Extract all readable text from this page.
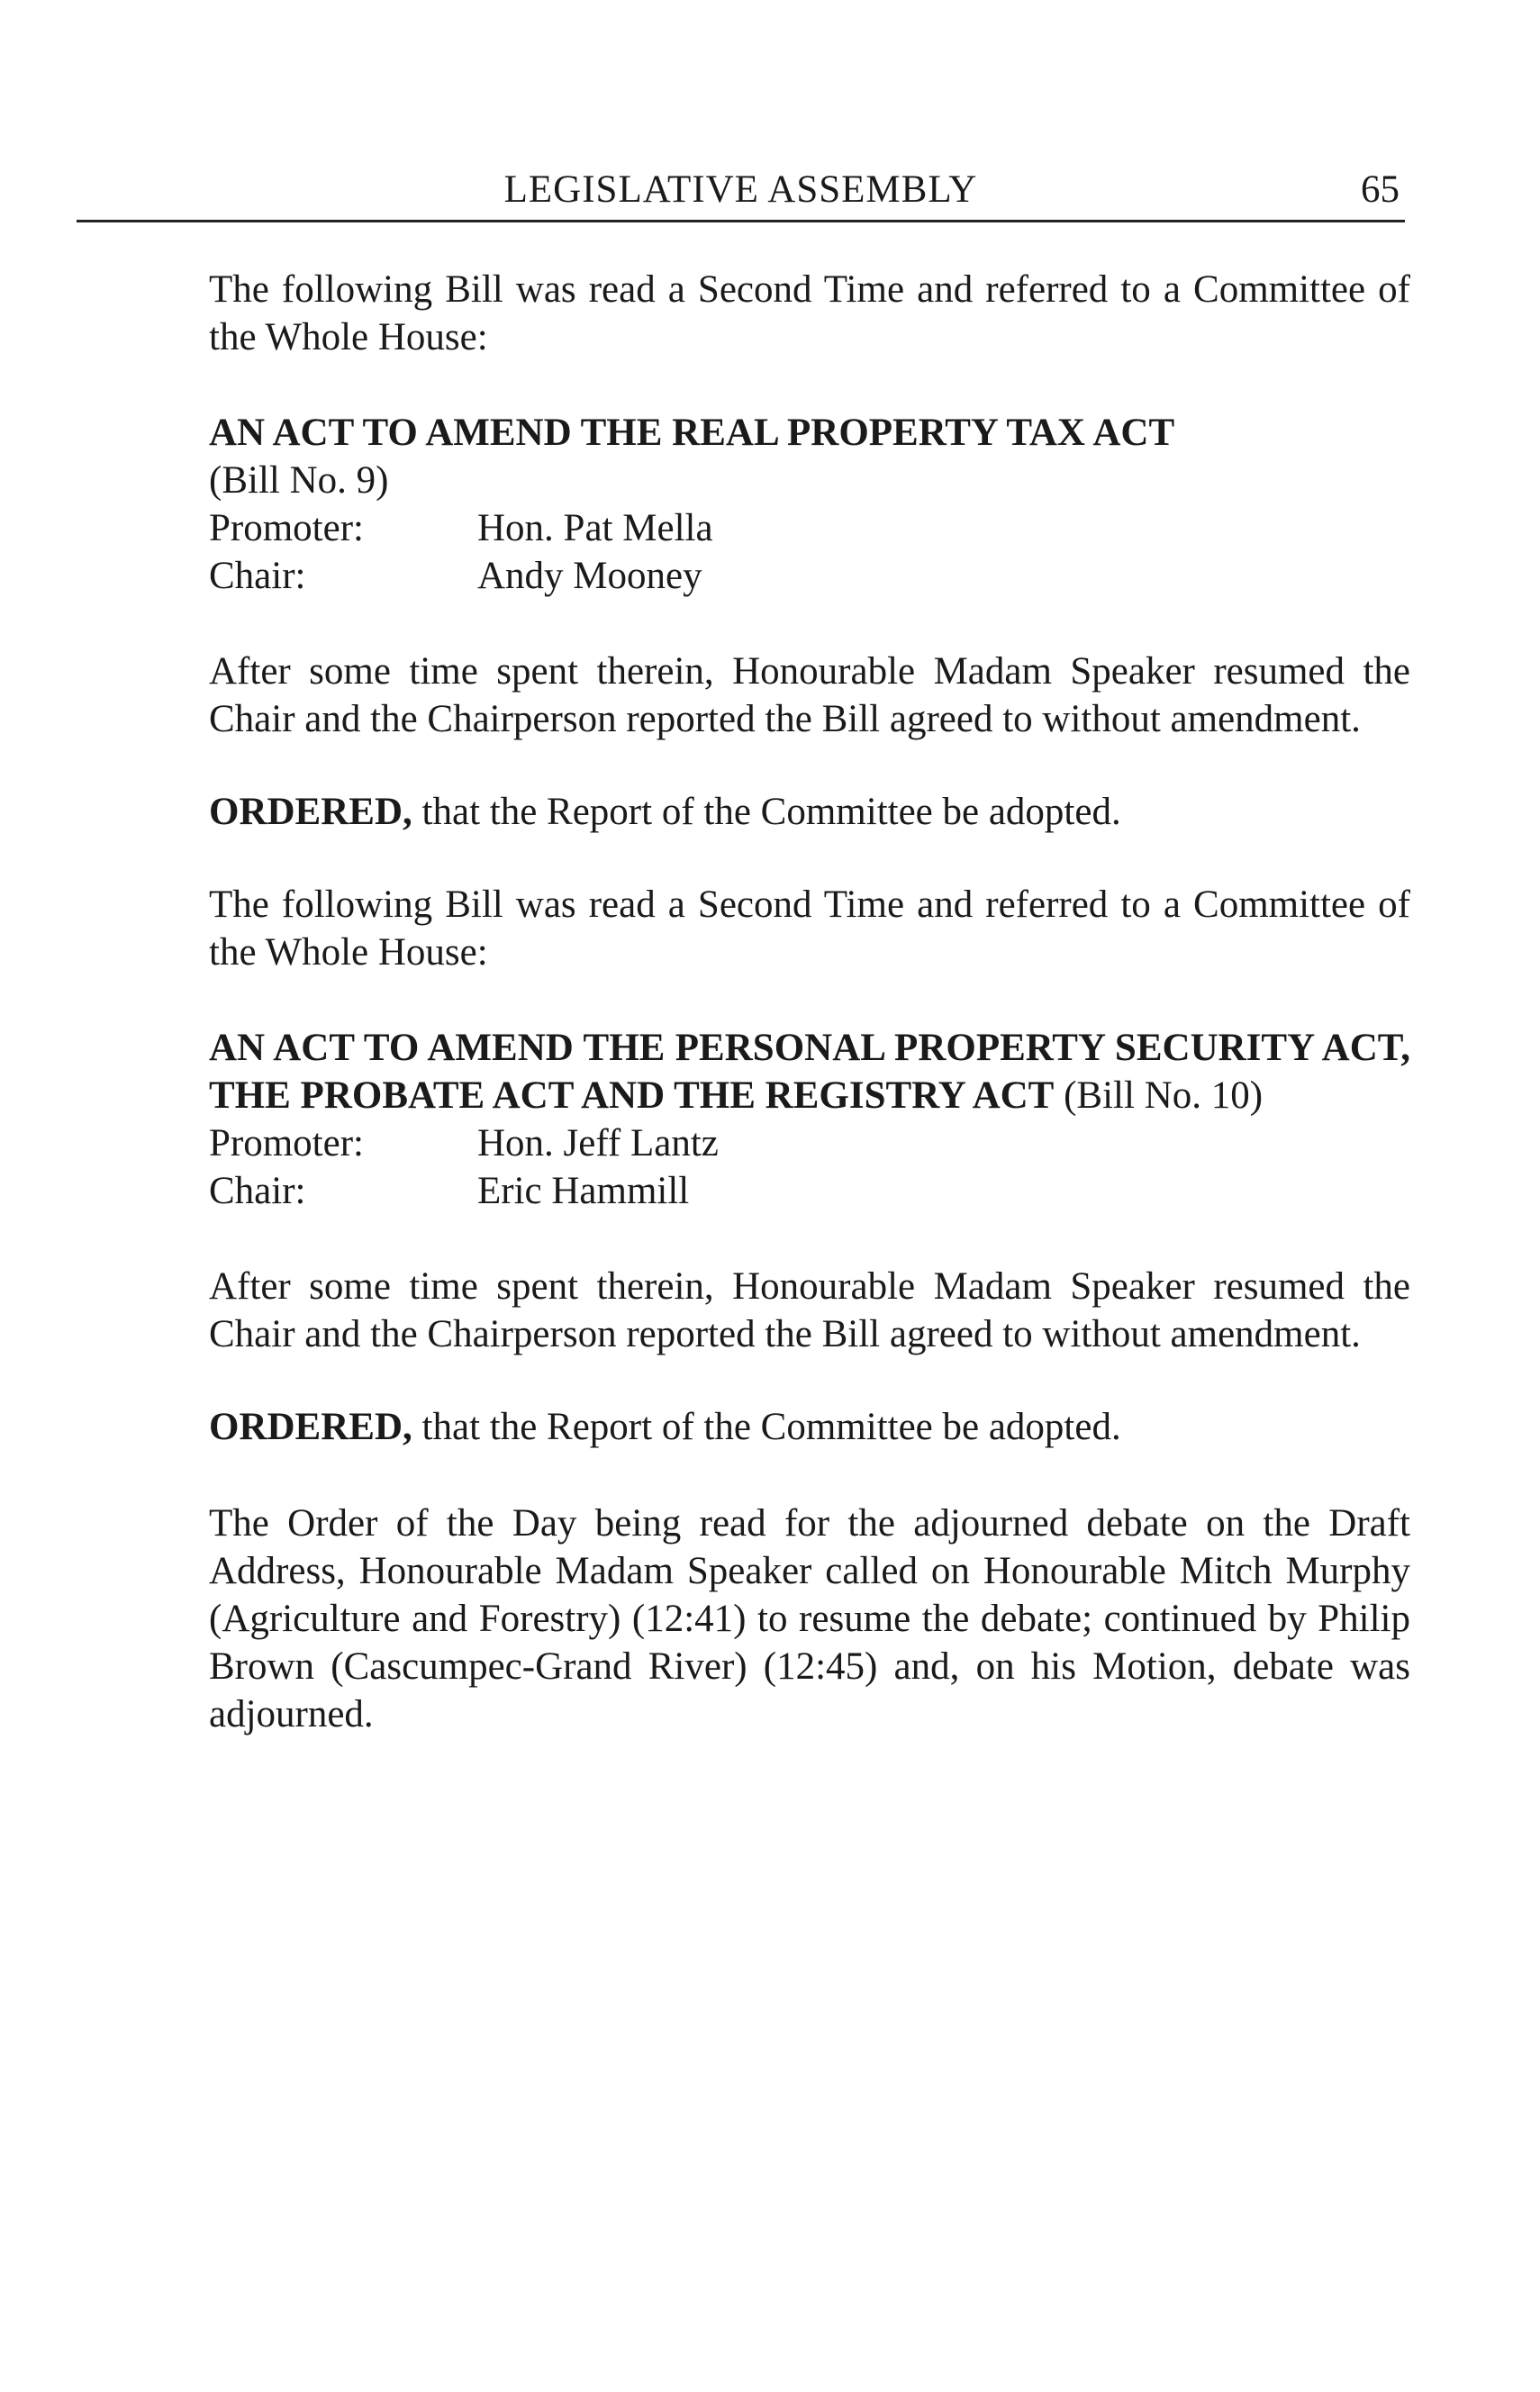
LEGISLATIVE ASSEMBLY	65

The following Bill was read a Second Time and referred to a Committee of the Whole House:

AN ACT TO AMEND THE REAL PROPERTY TAX ACT

(Bill No. 9)

Promoter:	Hon. Pat Mella
Chair:	Andy Mooney

After some time spent therein, Honourable Madam Speaker resumed the Chair and the Chairperson reported the Bill agreed to without amendment.

ORDERED, that the Report of the Committee be adopted.

The following Bill was read a Second Time and referred to a Committee of the Whole House:

AN ACT TO AMEND THE PERSONAL PROPERTY SECURITY ACT, THE PROBATE ACT AND THE REGISTRY ACT (Bill No. 10)

Promoter:	Hon. Jeff Lantz
Chair:	Eric Hammill

After some time spent therein, Honourable Madam Speaker resumed the Chair and the Chairperson reported the Bill agreed to without amendment.

ORDERED, that the Report of the Committee be adopted.

The Order of the Day being read for the adjourned debate on the Draft Address, Honourable Madam Speaker called on Honourable Mitch Murphy (Agriculture and Forestry) (12:41) to resume the debate; continued by Philip Brown (Cascumpec-Grand River) (12:45) and, on his Motion, debate was adjourned.
